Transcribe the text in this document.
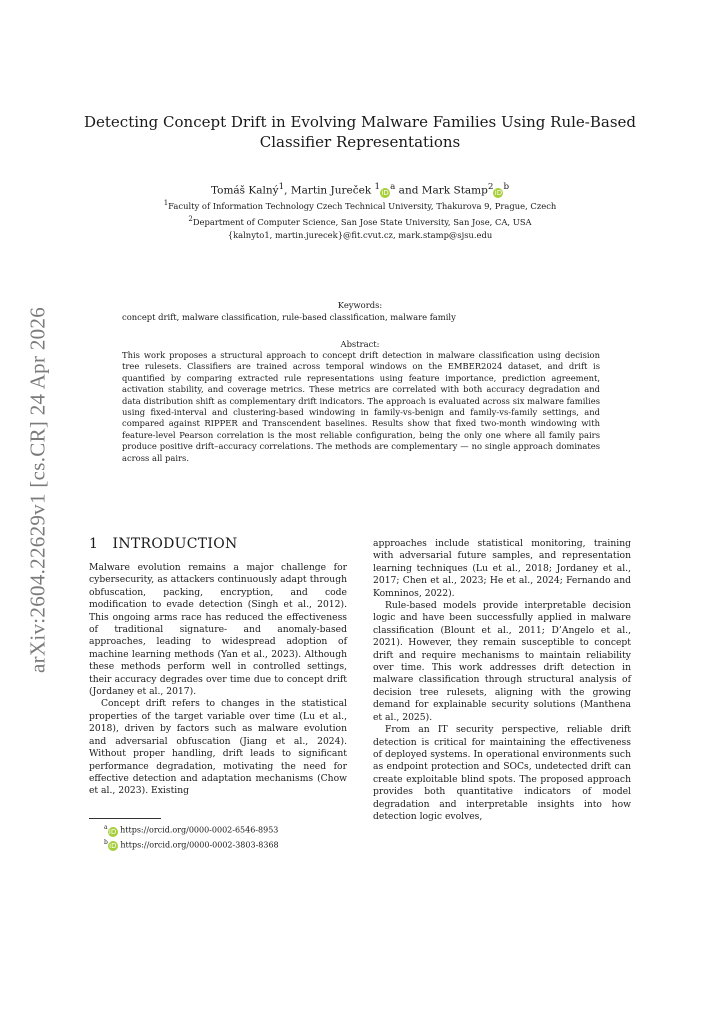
arXiv:2604.22629v1 [cs.CR] 24 Apr 2026
Detecting Concept Drift in Evolving Malware Families Using Rule-Based
Classifier Representations
Tomáš Kalný$^1$, Martin Jureček $^1iD^a$ and Mark $Stamp^2iD^b$
$^1$Faculty of Information Technology Czech Technical University, Thakurova 9, Prague, Czech
$^2$Department of Computer Science, San Jose State University, San Jose, CA, USA
{kalnyto1, martin.jurecek}@fit.cvut.cz, mark.stamp@sjsu.edu
Keywords:
concept drift, malware classification, rule-based classification, malware family
Abstract:
This work proposes a structural approach to concept drift detection in malware classification using decision tree rulesets. Classifiers are trained across temporal windows on the EMBER2024 dataset, and drift is quantified by comparing extracted rule representations using feature importance, prediction agreement, activation stability, and coverage metrics. These metrics are correlated with both accuracy degradation and data distribution shift as complementary drift indicators. The approach is evaluated across six malware families using fixed-interval and clustering-based windowing in family-vs-benign and family-vs-family settings, and compared against RIPPER and Transcendent baselines. Results show that fixed two-month windowing with feature-level Pearson correlation is the most reliable configuration, being the only one where all family pairs produce positive drift–accuracy correlations. The methods are complementary — no single approach dominates across all pairs.
1 INTRODUCTION

Malware evolution remains a major challenge for cybersecurity, as attackers continuously adapt through obfuscation, packing, encryption, and code modification to evade detection (Singh et al., 2012). This ongoing arms race has reduced the effectiveness of traditional signature- and anomaly-based approaches, leading to widespread adoption of machine learning methods (Yan et al., 2023). Although these methods perform well in controlled settings, their accuracy degrades over time due to concept drift (Jordaney et al., 2017).

Concept drift refers to changes in the statistical properties of the target variable over time (Lu et al., 2018), driven by factors such as malware evolution and adversarial obfuscation (Jiang et al., 2024). Without proper handling, drift leads to significant performance degradation, motivating the need for effective detection and adaptation mechanisms (Chow et al., 2023). Existing

approaches include statistical monitoring, training with adversarial future samples, and representation learning techniques (Lu et al., 2018; Jordaney et al., 2017; Chen et al., 2023; He et al., 2024; Fernando and Komninos, 2022).

Rule-based models provide interpretable decision logic and have been successfully applied in malware classification (Blount et al., 2011; D’Angelo et al., 2021). However, they remain susceptible to concept drift and require mechanisms to maintain reliability over time. This work addresses drift detection in malware classification through structural analysis of decision tree rulesets, aligning with the growing demand for explainable security solutions (Manthena et al., 2025).

From an IT security perspective, reliable drift detection is critical for maintaining the effectiveness of deployed systems. In operational environments such as endpoint protection and SOCs, undetected drift can create exploitable blind spots. The proposed approach provides both quantitative indicators of model degradation and interpretable insights into how detection logic evolves,

$^a$iD https://orcid.org/0000-0002-6546-8953
$^b$iD https://orcid.org/0000-0002-3803-8368
